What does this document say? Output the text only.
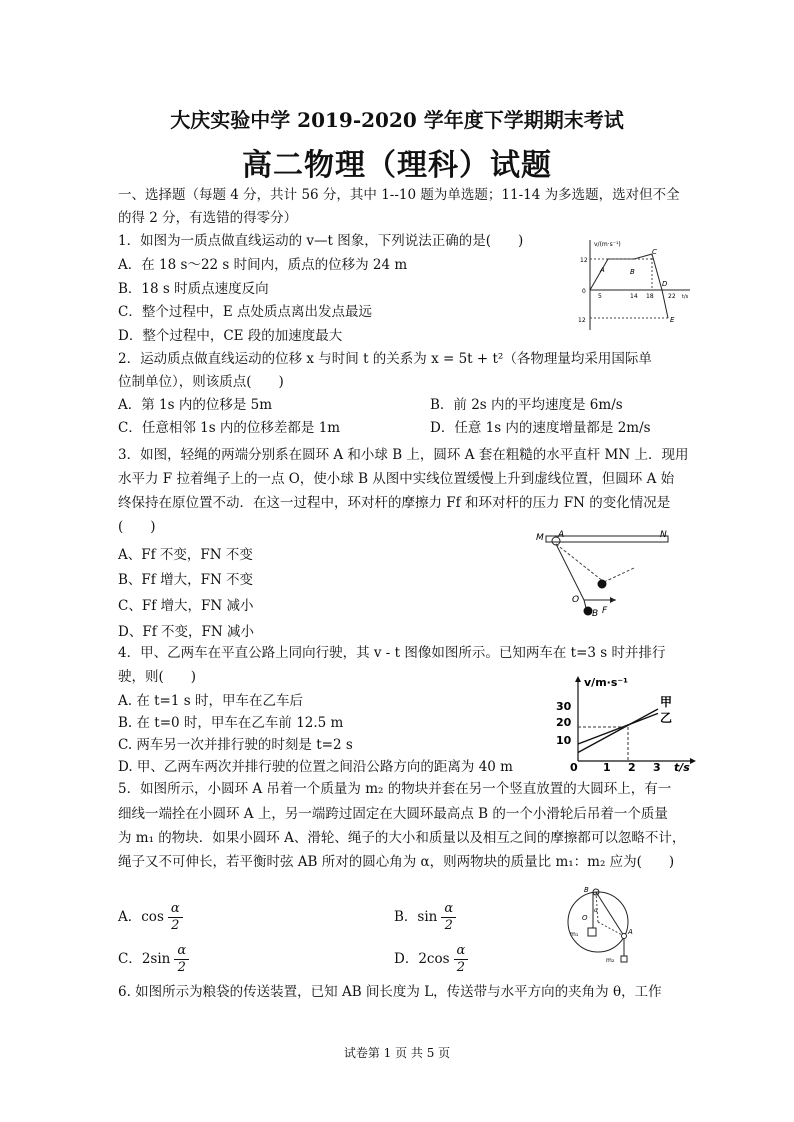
大庆实验中学 2019-2020 学年度下学期期末考试
高二物理（理科）试题
一、选择题（每题 4 分，共计 56 分，其中 1--10 题为单选题；11-14 为多选题，选对但不全
的得 2 分，有选错的得零分）
1．如图为一质点做直线运动的 v—t 图象，下列说法正确的是(　　)
A．在 18 s～22 s 时间内，质点的位移为 24 m
B．18 s 时质点速度反向
C．整个过程中，E 点处质点离出发点最远
D．整个过程中，CE 段的加速度最大
v/(m·s⁻¹)
12
0
12
5	14 18 22 t/s
A	B
C
D
E
2．运动质点做直线运动的位移 x 与时间 t 的关系为 x = 5t + t²（各物理量均采用国际单
位制单位），则该质点(　　)
A．第 1s 内的位移是 5m	B．前 2s 内的平均速度是 6m/s
C．任意相邻 1s 内的位移差都是 1m	D．任意 1s 内的速度增量都是 2m/s
3．如图，轻绳的两端分别系在圆环 A 和小球 B 上，圆环 A 套在粗糙的水平直杆 MN 上．现用
水平力 F 拉着绳子上的一点 O，使小球 B 从图中实线位置缓慢上升到虚线位置，但圆环 A 始
终保持在原位置不动．在这一过程中，环对杆的摩擦力 Ff 和环对杆的压力 FN 的变化情况是
(　　)
A、Ff 不变，FN 不变
B、Ff 增大，FN 不变
C、Ff 增大，FN 减小
D、Ff 不变，FN 减小
M A	N
O
B F
4．甲、乙两车在平直公路上同向行驶，其 v - t 图像如图所示。已知两车在 t=3 s 时并排行
驶，则(　　)
A. 在 t=1 s 时，甲车在乙车后
B. 在 t=0 时，甲车在乙车前 12.5 m
C. 两车另一次并排行驶的时刻是 t=2 s
D. 甲、乙两车两次并排行驶的位置之间沿公路方向的距离为 40 m
v/m·s⁻¹
30
20
10
0 1 2 3 t/s
甲
乙
5．如图所示，小圆环 A 吊着一个质量为 m₂ 的物块并套在另一个竖直放置的大圆环上，有一
细线一端拴在小圆环 A 上，另一端跨过固定在大圆环最高点 B 的一个小滑轮后吊着一个质量
为 m₁ 的物块．如果小圆环 A、滑轮、绳子的大小和质量以及相互之间的摩擦都可以忽略不计，
绳子又不可伸长，若平衡时弦 AB 所对的圆心角为 α，则两物块的质量比 m₁：m₂ 应为(　　)
A．$\cos \frac{\alpha}{2}$	B．$\sin \frac{\alpha}{2}$
C．$2\sin \frac{\alpha}{2}$	D．$2\cos \frac{\alpha}{2}$
B
O
α
m₁	A
m₂
6. 如图所示为粮袋的传送装置，已知 AB 间长度为 L，传送带与水平方向的夹角为 θ，工作
试卷第 1 页 共 5 页
